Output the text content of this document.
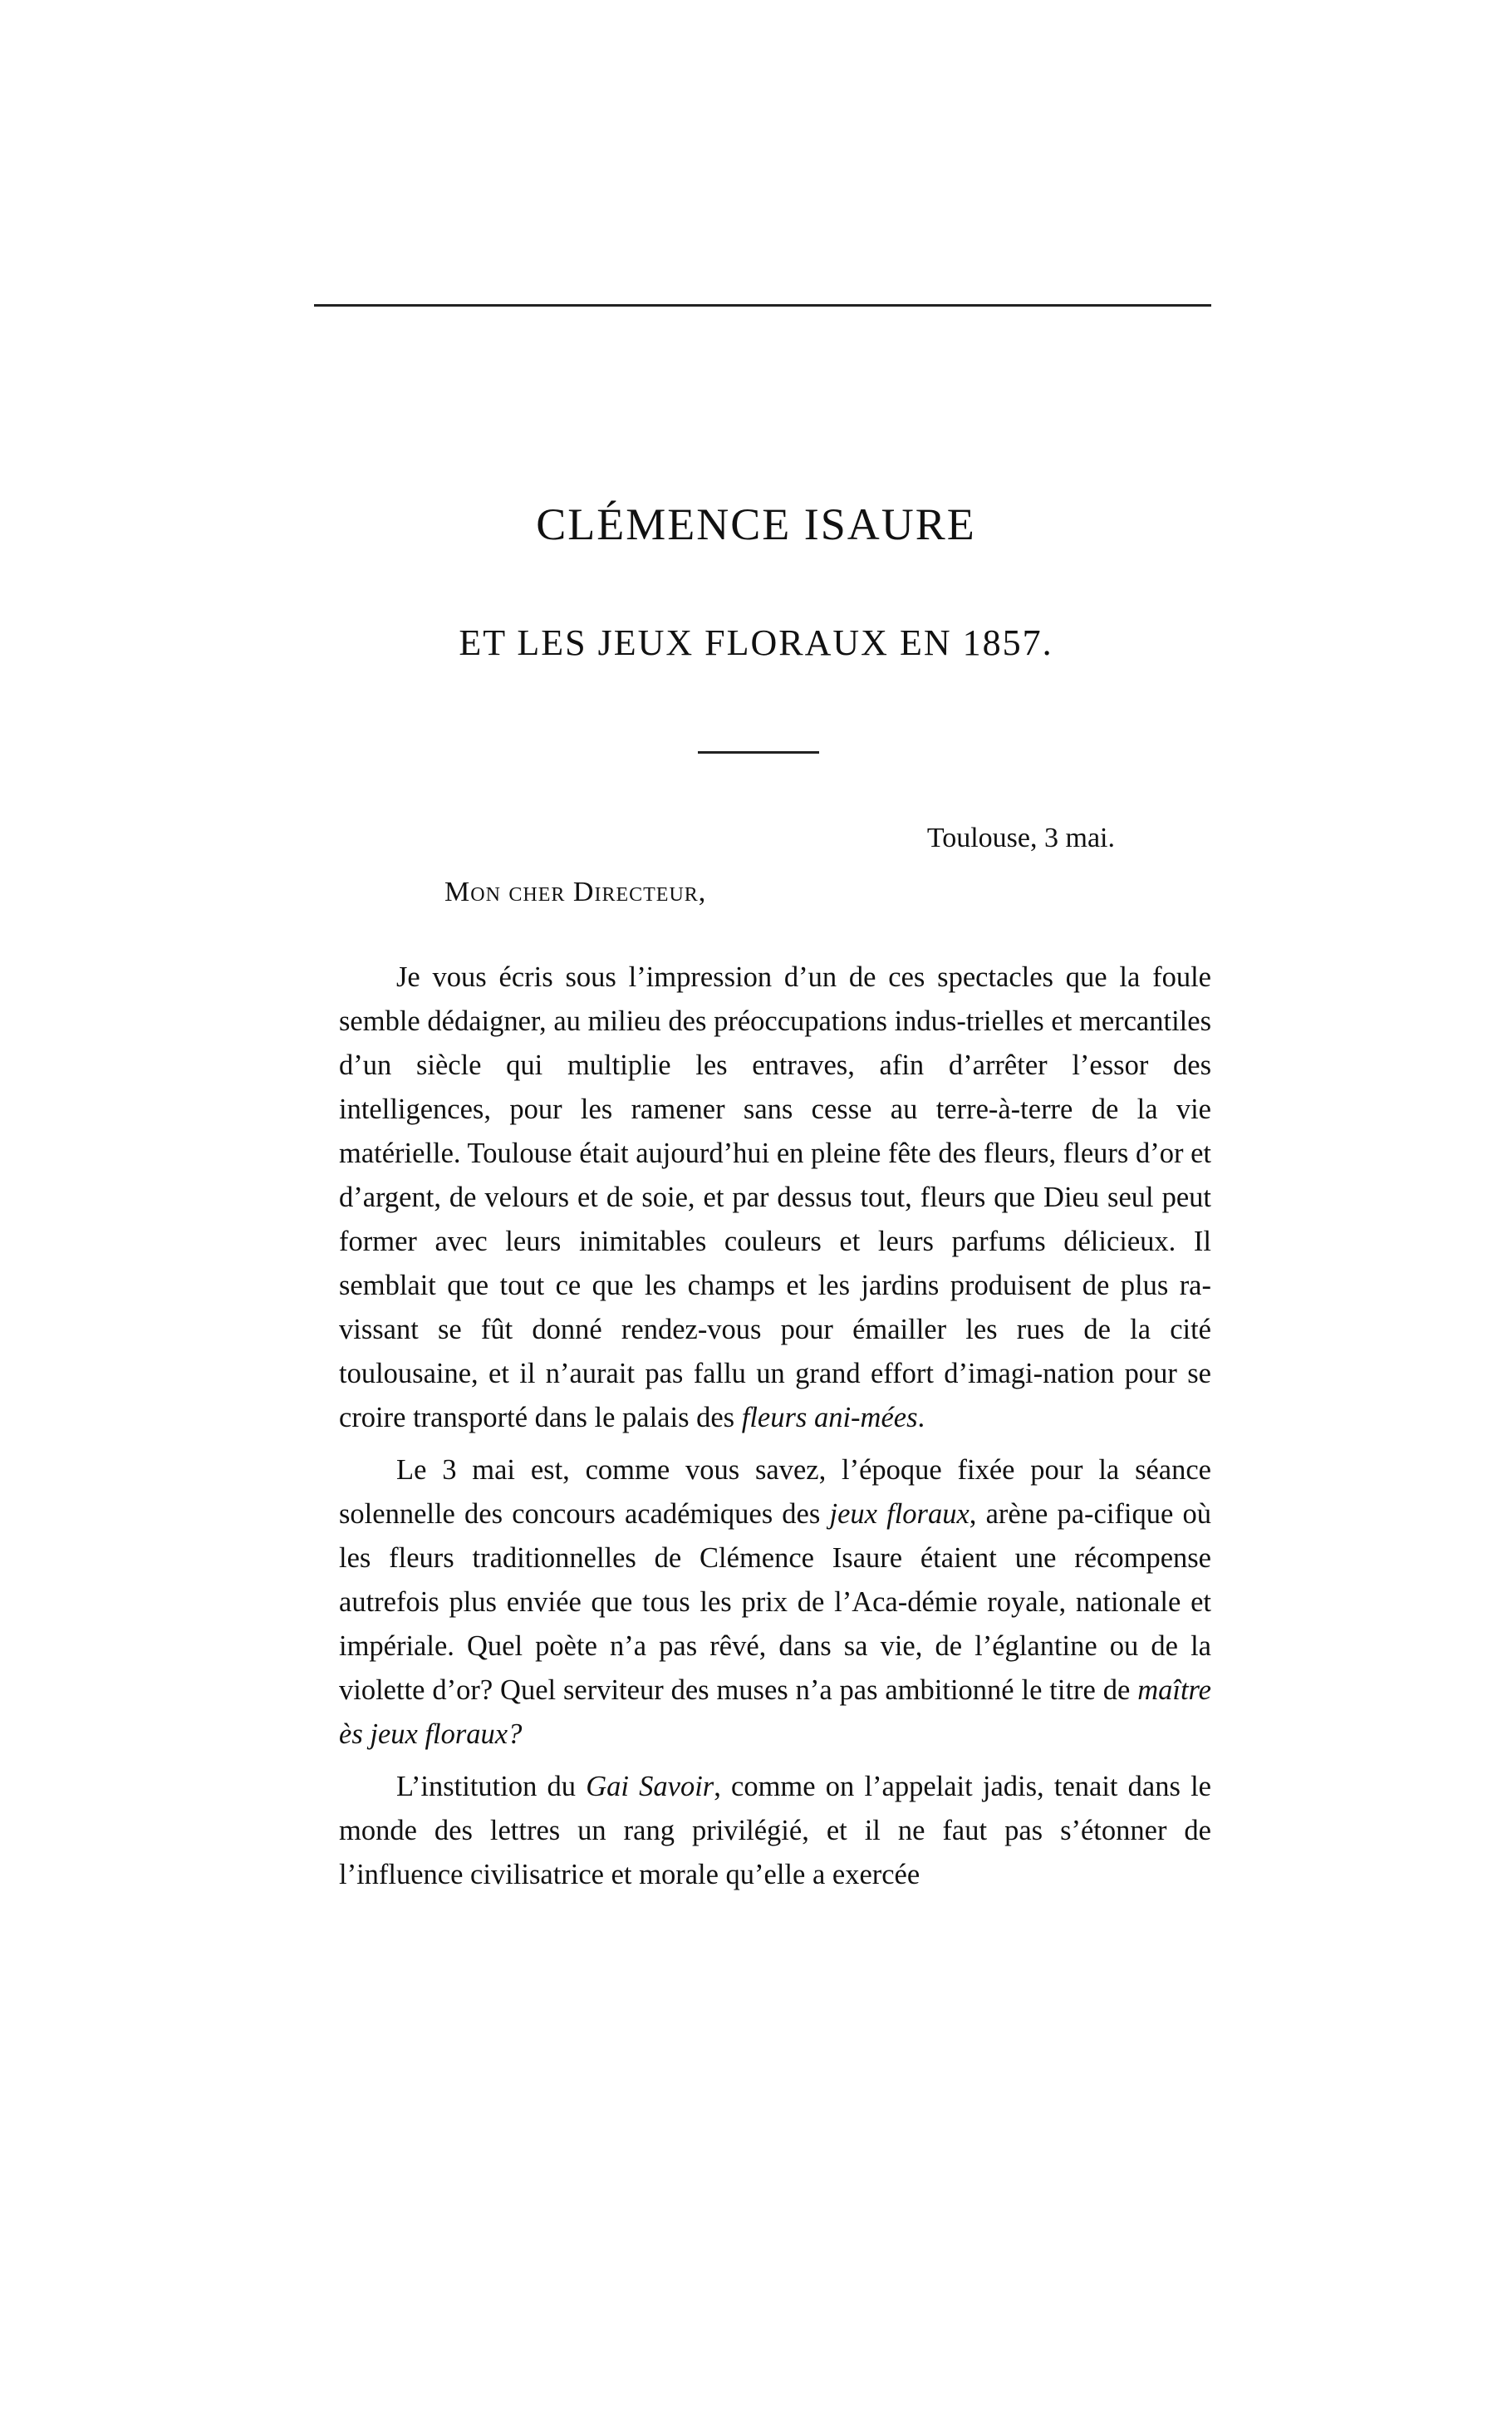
CLÉMENCE ISAURE
ET LES JEUX FLORAUX EN 1857.

Toulouse, 3 mai.

Mon cher Directeur,

Je vous écris sous l’impression d’un de ces spectacles que la foule semble dédaigner, au milieu des préoccupations indus-trielles et mercantiles d’un siècle qui multiplie les entraves, afin d’arrêter l’essor des intelligences, pour les ramener sans cesse au terre-à-terre de la vie matérielle. Toulouse était aujourd’hui en pleine fête des fleurs, fleurs d’or et d’argent, de velours et de soie, et par dessus tout, fleurs que Dieu seul peut former avec leurs inimitables couleurs et leurs parfums délicieux. Il semblait que tout ce que les champs et les jardins produisent de plus ra-vissant se fût donné rendez-vous pour émailler les rues de la cité toulousaine, et il n’aurait pas fallu un grand effort d’imagi-nation pour se croire transporté dans le palais des fleurs ani-mées.

Le 3 mai est, comme vous savez, l’époque fixée pour la séance solennelle des concours académiques des jeux floraux, arène pa-cifique où les fleurs traditionnelles de Clémence Isaure étaient une récompense autrefois plus enviée que tous les prix de l’Aca-démie royale, nationale et impériale. Quel poète n’a pas rêvé, dans sa vie, de l’églantine ou de la violette d’or? Quel serviteur des muses n’a pas ambitionné le titre de maître ès jeux floraux?

L’institution du Gai Savoir, comme on l’appelait jadis, tenait dans le monde des lettres un rang privilégié, et il ne faut pas s’étonner de l’influence civilisatrice et morale qu’elle a exercée
